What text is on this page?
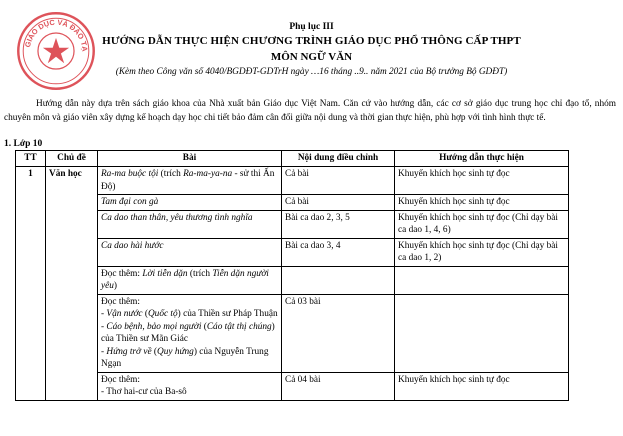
GIÁO DỤC VÀ ĐÀO TẠ
Phụ lục III
HƯỚNG DẪN THỰC HIỆN CHƯƠNG TRÌNH GIÁO DỤC PHỔ THÔNG CẤP THPT
MÔN NGỮ VĂN
(Kèm theo Công văn số 4040/BGDĐT-GDTrH ngày …16 tháng ..9.. năm 2021 của Bộ trưởng Bộ GDĐT)
Hướng dẫn này dựa trên sách giáo khoa của Nhà xuất bản Giáo dục Việt Nam. Căn cứ vào hướng dẫn, các cơ sở giáo dục trung học chỉ đạo tổ, nhóm chuyên môn và giáo viên xây dựng kế hoạch dạy học chi tiết bảo đảm cân đối giữa nội dung và thời gian thực hiện, phù hợp với tình hình thực tế.
1. Lớp 10
TT	Chủ đề	Bài	Nội dung điều chỉnh	Hướng dẫn thực hiện
1	Văn học	Ra-ma buộc tội (trích Ra-ma-ya-na - sử thi Ấn Độ)	Cả bài	Khuyến khích học sinh tự đọc
		Tam đại con gà	Cả bài	Khuyến khích học sinh tự đọc
		Ca dao than thân, yêu thương tình nghĩa	Bài ca dao 2, 3, 5	Khuyến khích học sinh tự đọc (Chỉ dạy bài ca dao 1, 4, 6)
		Ca dao hài hước	Bài ca dao 3, 4	Khuyến khích học sinh tự đọc (Chỉ dạy bài ca dao 1, 2)
		Đọc thêm: Lời tiễn dặn (trích Tiễn dặn người yêu)		

		Đọc thêm:
- Vận nước (Quốc tộ) của Thiền sư Pháp Thuận
- Cáo bệnh, bảo mọi người (Cáo tật thị chúng) của Thiền sư Mãn Giác
- Hứng trở về (Quy hứng) của Nguyễn Trung Ngạn	Cả 03 bài	

		Đọc thêm:
- Thơ hai-cư của Ba-sô	Cả 04 bài	Khuyến khích học sinh tự đọc
